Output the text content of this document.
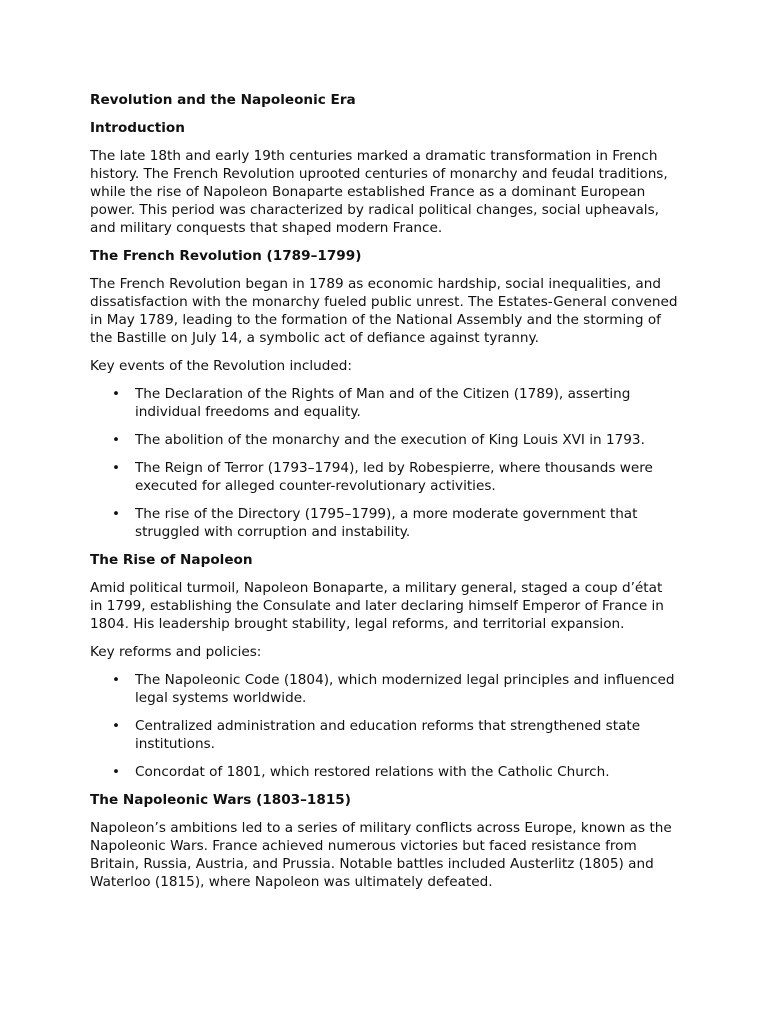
Revolution and the Napoleonic Era
Introduction

The late 18th and early 19th centuries marked a dramatic transformation in French history. The French Revolution uprooted centuries of monarchy and feudal traditions, while the rise of Napoleon Bonaparte established France as a dominant European power. This period was characterized by radical political changes, social upheavals, and military conquests that shaped modern France.

The French Revolution (1789–1799)

The French Revolution began in 1789 as economic hardship, social inequalities, and dissatisfaction with the monarchy fueled public unrest. The Estates-General convened in May 1789, leading to the formation of the National Assembly and the storming of the Bastille on July 14, a symbolic act of defiance against tyranny.

Key events of the Revolution included:

• The Declaration of the Rights of Man and of the Citizen (1789), asserting individual freedoms and equality.
• The abolition of the monarchy and the execution of King Louis XVI in 1793.
• The Reign of Terror (1793–1794), led by Robespierre, where thousands were executed for alleged counter-revolutionary activities.
• The rise of the Directory (1795–1799), a more moderate government that struggled with corruption and instability.
The Rise of Napoleon

Amid political turmoil, Napoleon Bonaparte, a military general, staged a coup d’état in 1799, establishing the Consulate and later declaring himself Emperor of France in 1804. His leadership brought stability, legal reforms, and territorial expansion.

Key reforms and policies:

• The Napoleonic Code (1804), which modernized legal principles and influenced legal systems worldwide.
• Centralized administration and education reforms that strengthened state institutions.
• Concordat of 1801, which restored relations with the Catholic Church.
The Napoleonic Wars (1803–1815)

Napoleon’s ambitions led to a series of military conflicts across Europe, known as the Napoleonic Wars. France achieved numerous victories but faced resistance from Britain, Russia, Austria, and Prussia. Notable battles included Austerlitz (1805) and Waterloo (1815), where Napoleon was ultimately defeated.
